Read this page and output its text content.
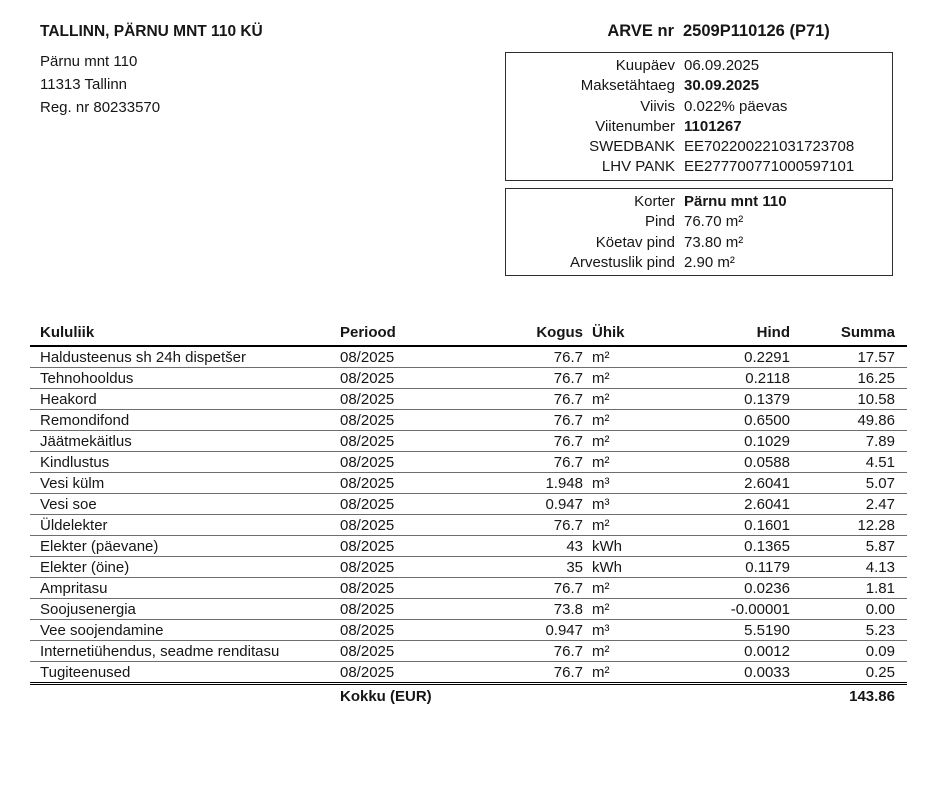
TALLINN, PÄRNU MNT 110 KÜ
Pärnu mnt 110
11313 Tallinn
Reg. nr 80233570
ARVE nr 2509P110126 (P71)
Kuupäev 06.09.2025
Maksetähtaeg 30.09.2025
Viivis 0.022% päevas
Viitenumber 1101267
SWEDBANK EE702200221031723708
LHV PANK EE277700771000597101
Korter Pärnu mnt 110
Pind 76.70 m²
Köetav pind 73.80 m²
Arvestuslik pind 2.90 m²
Kululiik	Periood	Kogus	Ühik	Hind	Summa
Haldusteenus sh 24h dispetšer	08/2025	76.7	m²	0.2291	17.57
Tehnohooldus	08/2025	76.7	m²	0.2118	16.25
Heakord	08/2025	76.7	m²	0.1379	10.58
Remondifond	08/2025	76.7	m²	0.6500	49.86
Jäätmekäitlus	08/2025	76.7	m²	0.1029	7.89
Kindlustus	08/2025	76.7	m²	0.0588	4.51
Vesi külm	08/2025	1.948	m³	2.6041	5.07
Vesi soe	08/2025	0.947	m³	2.6041	2.47
Üldelekter	08/2025	76.7	m²	0.1601	12.28
Elekter (päevane)	08/2025	43	kWh	0.1365	5.87
Elekter (öine)	08/2025	35	kWh	0.1179	4.13
Ampritasu	08/2025	76.7	m²	0.0236	1.81
Soojusenergia	08/2025	73.8	m²	-0.00001	0.00
Vee soojendamine	08/2025	0.947	m³	5.5190	5.23
Internetiühendus, seadme renditasu	08/2025	76.7	m²	0.0012	0.09
Tugiteenused	08/2025	76.7	m²	0.0033	0.25
	Kokku (EUR)				143.86
